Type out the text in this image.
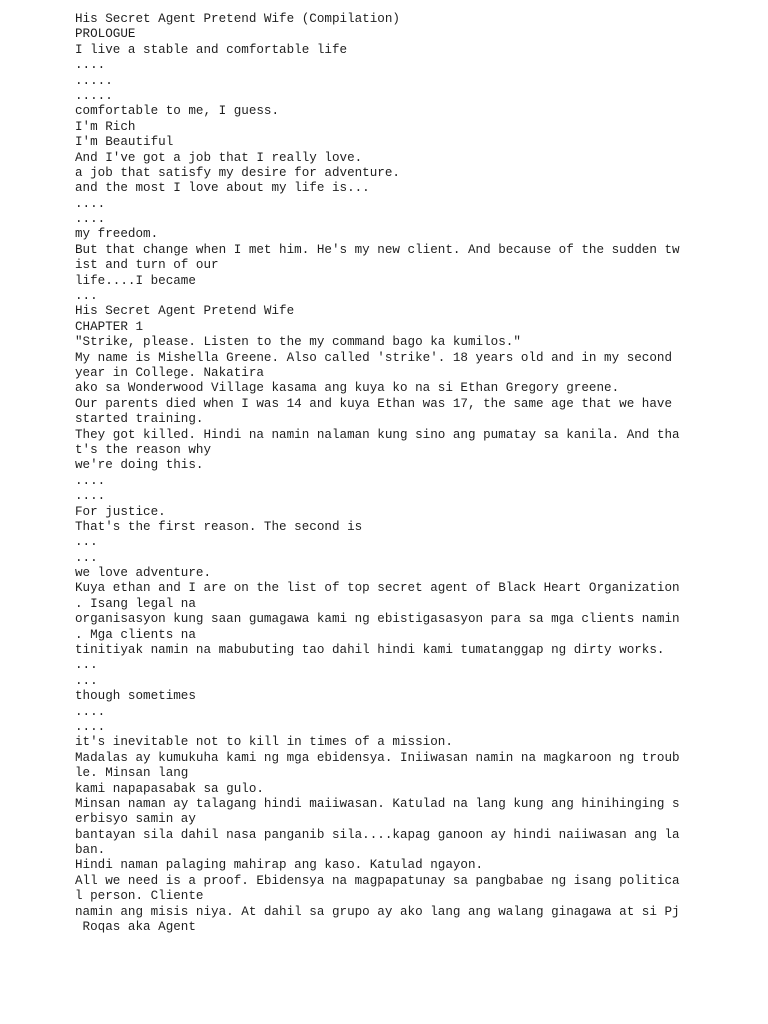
His Secret Agent Pretend Wife (Compilation)
PROLOGUE
I live a stable and comfortable life
....
.....
.....
comfortable to me, I guess.
I'm Rich
I'm Beautiful
And I've got a job that I really love.
a job that satisfy my desire for adventure.
and the most I love about my life is...
....
....
my freedom.
But that change when I met him. He's my new client. And because of the sudden tw
ist and turn of our
life....I became
...
His Secret Agent Pretend Wife
CHAPTER 1
"Strike, please. Listen to the my command bago ka kumilos."
My name is Mishella Greene. Also called 'strike'. 18 years old and in my second
year in College. Nakatira
ako sa Wonderwood Village kasama ang kuya ko na si Ethan Gregory greene.
Our parents died when I was 14 and kuya Ethan was 17, the same age that we have
started training.
They got killed. Hindi na namin nalaman kung sino ang pumatay sa kanila. And tha
t's the reason why
we're doing this.
....
....
For justice.
That's the first reason. The second is
...
...
we love adventure.
Kuya ethan and I are on the list of top secret agent of Black Heart Organization
. Isang legal na
organisasyon kung saan gumagawa kami ng ebistigasasyon para sa mga clients namin
. Mga clients na
tinitiyak namin na mabubuting tao dahil hindi kami tumatanggap ng dirty works.
...
...
though sometimes
....
....
it's inevitable not to kill in times of a mission.
Madalas ay kumukuha kami ng mga ebidensya. Iniiwasan namin na magkaroon ng troub
le. Minsan lang
kami napapasabak sa gulo.
Minsan naman ay talagang hindi maiiwasan. Katulad na lang kung ang hinihinging s
erbisyo samin ay
bantayan sila dahil nasa panganib sila....kapag ganoon ay hindi naiiwasan ang la
ban.
Hindi naman palaging mahirap ang kaso. Katulad ngayon.
All we need is a proof. Ebidensya na magpapatunay sa pangbabae ng isang politica
l person. Cliente
namin ang misis niya. At dahil sa grupo ay ako lang ang walang ginagawa at si Pj
Roqas aka Agent
